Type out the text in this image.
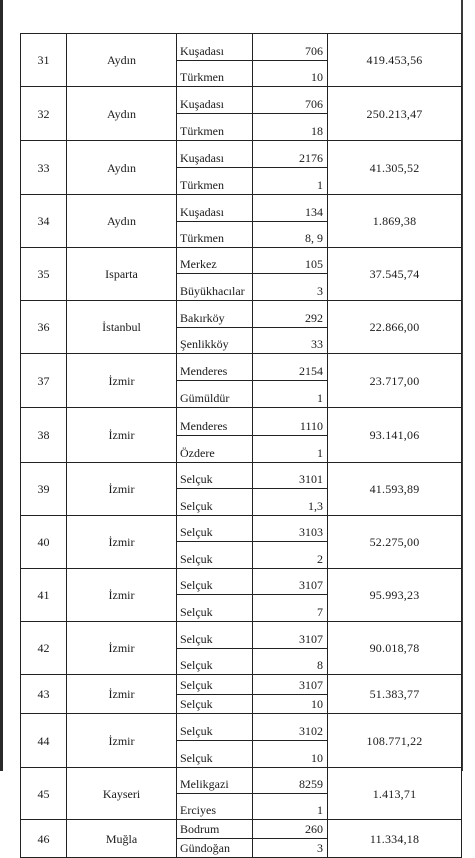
31	Aydın	Kuşadası	706	419.453,56
		Türkmen	10	
32	Aydın	Kuşadası	706	250.213,47
		Türkmen	18	
33	Aydın	Kuşadası	2176	41.305,52
		Türkmen	1	
34	Aydın	Kuşadası	134	1.869,38
		Türkmen	8, 9	
35	Isparta	Merkez	105	37.545,74
		Büyükhacılar	3	
36	İstanbul	Bakırköy	292	22.866,00
		Şenlikköy	33	
37	İzmir	Menderes	2154	23.717,00
		Gümüldür	1	
38	İzmir	Menderes	1110	93.141,06
		Özdere	1	
39	İzmir	Selçuk	3101	41.593,89
		Selçuk	1,3	
40	İzmir	Selçuk	3103	52.275,00
		Selçuk	2	
41	İzmir	Selçuk	3107	95.993,23
		Selçuk	7	
42	İzmir	Selçuk	3107	90.018,78
		Selçuk	8	
43	İzmir	Selçuk	3107	51.383,77
		Selçuk	10	
44	İzmir	Selçuk	3102	108.771,22
		Selçuk	10	
45	Kayseri	Melikgazi	8259	1.413,71
		Erciyes	1	
46	Muğla	Bodrum	260	11.334,18
		Gündoğan	3	
